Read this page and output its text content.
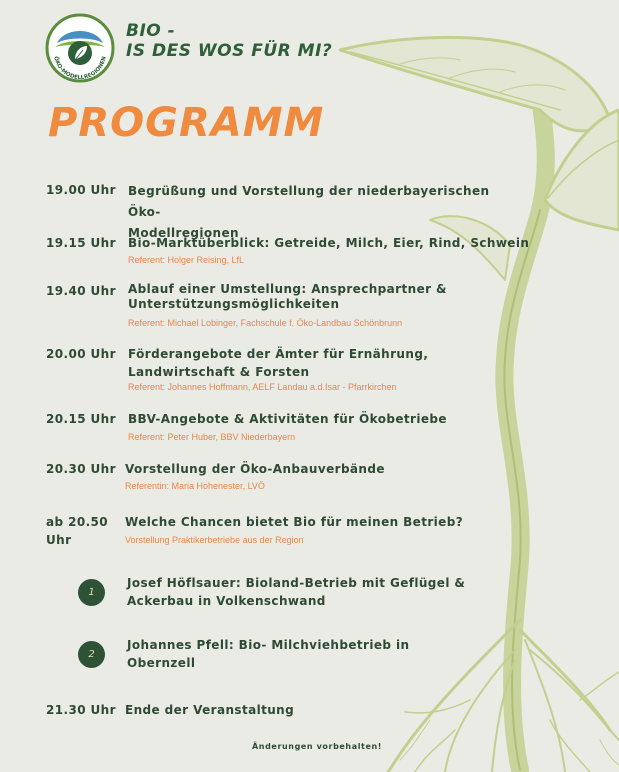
ÖKO-MODELLREGIONEN
BIO -
IS DES WOS FÜR MI?
PROGRAMM
19.00 Uhr Begrüßung und Vorstellung der niederbayerischen Öko-
Modellregionen
19.15 Uhr Bio-Marktüberblick: Getreide, Milch, Eier, Rind, Schwein
Referent: Holger Reising, LfL
19.40 Uhr Ablauf einer Umstellung: Ansprechpartner &
Unterstützungsmöglichkeiten
Referent: Michael Lobinger, Fachschule f. Öko-Landbau Schönbrunn
20.00 Uhr Förderangebote der Ämter für Ernährung,
Landwirtschaft & Forsten
Referent: Johannes Hoffmann, AELF Landau a.d.Isar - Pfarrkirchen
20.15 Uhr BBV-Angebote & Aktivitäten für Ökobetriebe
Referent: Peter Huber, BBV Niederbayern
20.30 Uhr Vorstellung der Öko-Anbauverbände
Referentin: Maria Hohenester, LVÖ
ab 20.50
Uhr
Welche Chancen bietet Bio für meinen Betrieb?
Vorstellung Praktikerbetriebe aus der Region
1
Josef Höflsauer: Bioland-Betrieb mit Geflügel &
Ackerbau in Volkenschwand
2
Johannes Pfell: Bio- Milchviehbetrieb in
Obernzell
21.30 Uhr Ende der Veranstaltung
Änderungen vorbehalten!
